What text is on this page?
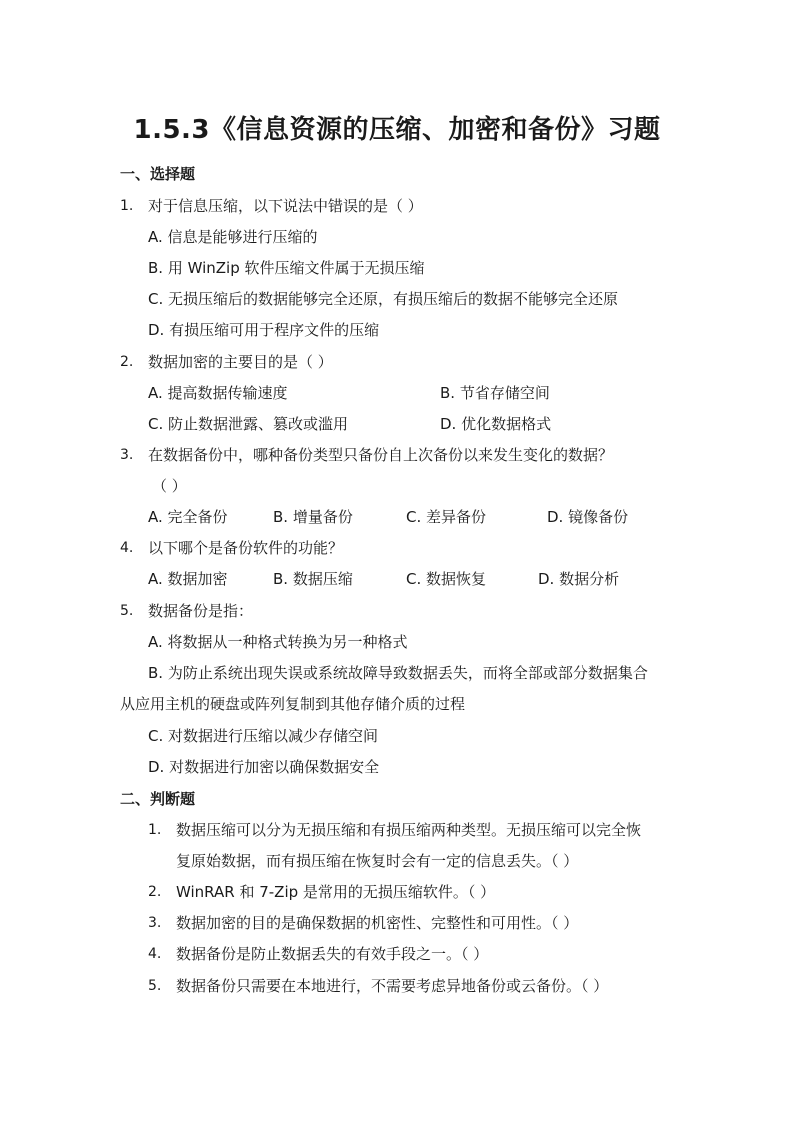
1.5.3《信息资源的压缩、加密和备份》习题
一、选择题
1. 对于信息压缩，以下说法中错误的是（ ）
A. 信息是能够进行压缩的
B. 用 WinZip 软件压缩文件属于无损压缩
C. 无损压缩后的数据能够完全还原，有损压缩后的数据不能够完全还原
D. 有损压缩可用于程序文件的压缩
2. 数据加密的主要目的是（ ）
A. 提高数据传输速度	B. 节省存储空间
C. 防止数据泄露、篡改或滥用	D. 优化数据格式
3. 在数据备份中，哪种备份类型只备份自上次备份以来发生变化的数据？
（ ）
A. 完全备份	B. 增量备份	C. 差异备份	D. 镜像备份
4. 以下哪个是备份软件的功能？
A. 数据加密	B. 数据压缩	C. 数据恢复	D. 数据分析
5. 数据备份是指：
A. 将数据从一种格式转换为另一种格式
B. 为防止系统出现失误或系统故障导致数据丢失，而将全部或部分数据集合
从应用主机的硬盘或阵列复制到其他存储介质的过程
C. 对数据进行压缩以减少存储空间
D. 对数据进行加密以确保数据安全
二、判断题
1. 数据压缩可以分为无损压缩和有损压缩两种类型。无损压缩可以完全恢
复原始数据，而有损压缩在恢复时会有一定的信息丢失。（ ）
2. WinRAR 和 7-Zip 是常用的无损压缩软件。（ ）
3. 数据加密的目的是确保数据的机密性、完整性和可用性。（ ）
4. 数据备份是防止数据丢失的有效手段之一。（ ）
5. 数据备份只需要在本地进行，不需要考虑异地备份或云备份。（ ）
